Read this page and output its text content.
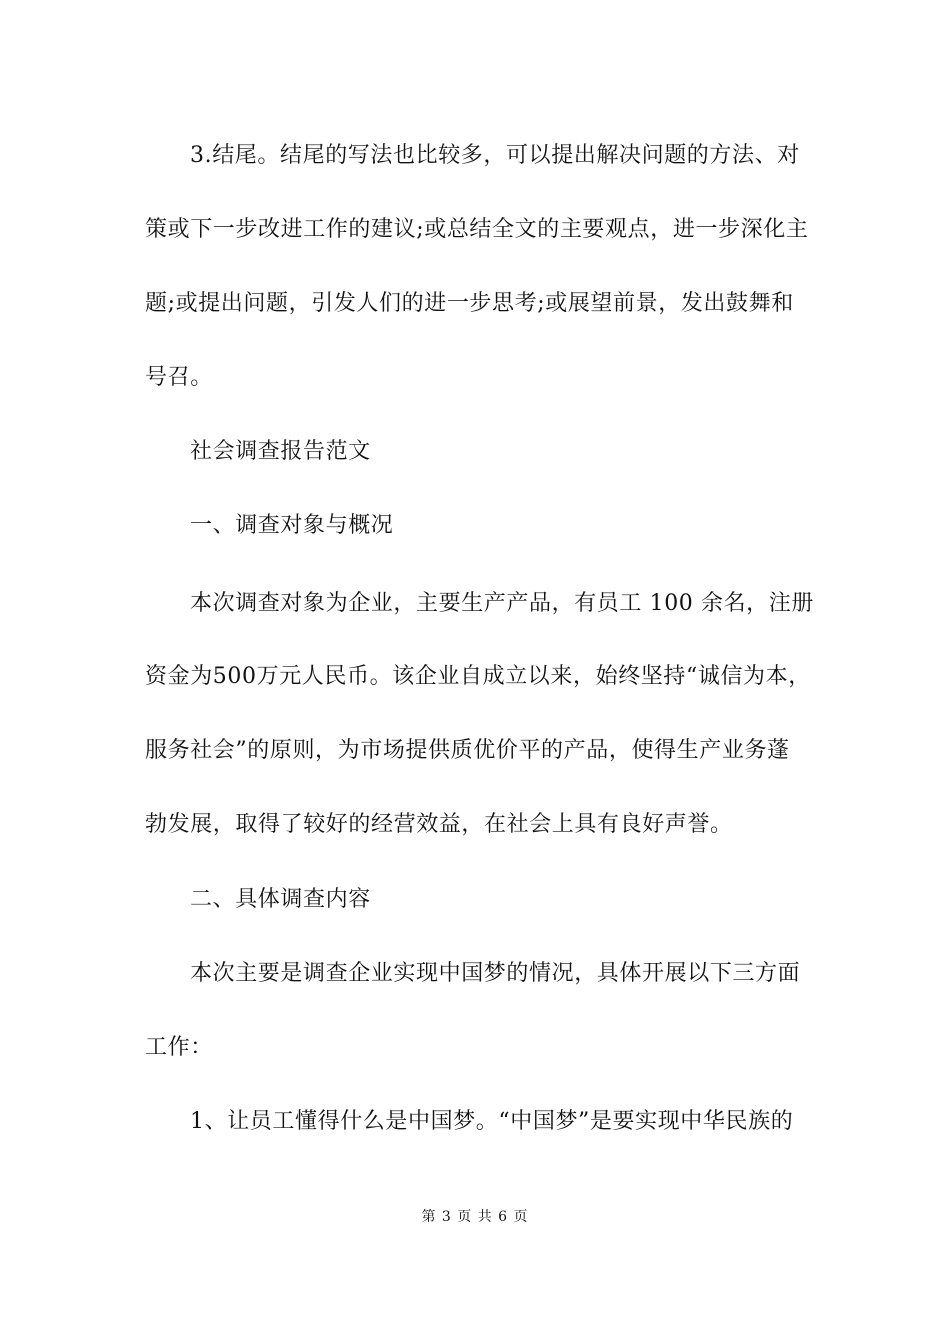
3.结尾。结尾的写法也比较多，可以提出解决问题的方法、对
策或下一步改进工作的建议;或总结全文的主要观点，进一步深化主
题;或提出问题，引发人们的进一步思考;或展望前景，发出鼓舞和
号召。
社会调查报告范文
一、调查对象与概况
本次调查对象为企业，主要生产产品，有员工 100 余名，注册
资金为500万元人民币。该企业自成立以来，始终坚持“诚信为本，
服务社会”的原则，为市场提供质优价平的产品，使得生产业务蓬
勃发展，取得了较好的经营效益，在社会上具有良好声誉。
二、具体调查内容
本次主要是调查企业实现中国梦的情况，具体开展以下三方面
工作：
1、让员工懂得什么是中国梦。“中国梦”是要实现中华民族的
第 3 页 共 6 页
